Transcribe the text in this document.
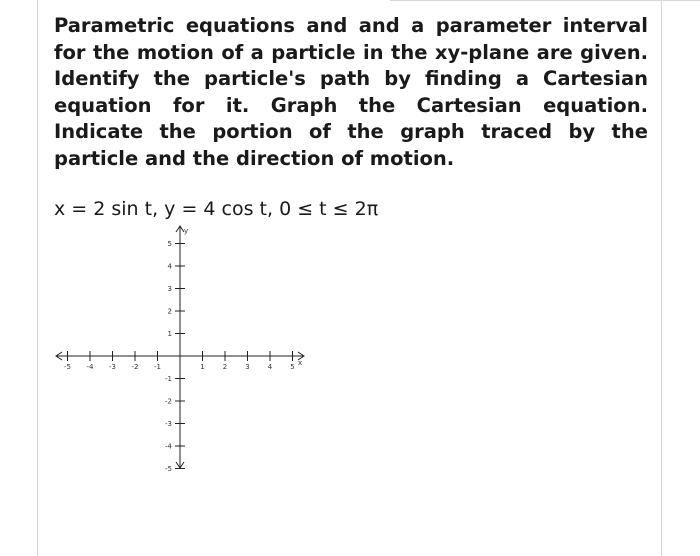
Parametric equations and and a parameter interval for the motion of a particle in the xy-plane are given. Identify the particle's path by finding a Cartesian equation for it. Graph the Cartesian equation. Indicate the portion of the graph traced by the particle and the direction of motion.

x = 2 sin t, y = 4 cos t, 0 ≤ t ≤ 2π
-5 -4 -3 -2 -1	1	2	3	4	5
5
4
3
2
1
-1
-2
-3
-4
-5
y
x
